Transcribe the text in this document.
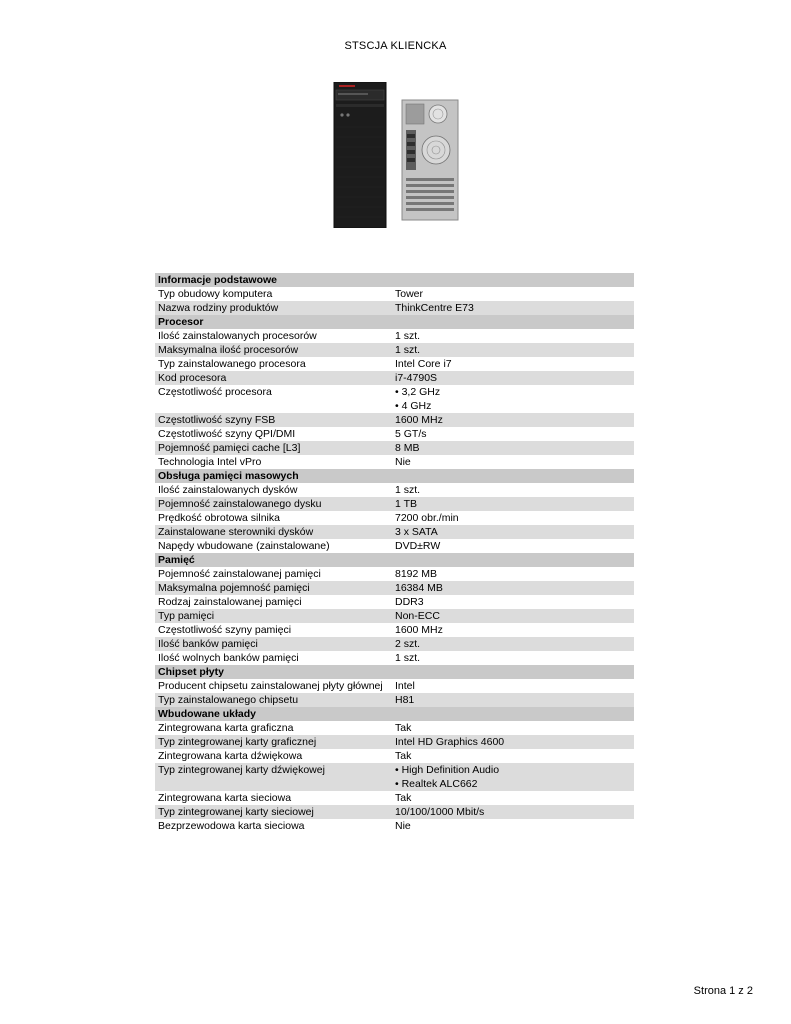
STSCJA KLIENCKA
Informacje podstawowe
Typ obudowy komputera	Tower
Nazwa rodziny produktów	ThinkCentre E73
Procesor
Ilość zainstalowanych procesorów	1 szt.
Maksymalna ilość procesorów	1 szt.
Typ zainstalowanego procesora	Intel Core i7
Kod procesora	i7-4790S
Częstotliwość procesora	• 3,2 GHz
• 4 GHz
Częstotliwość szyny FSB	1600 MHz
Częstotliwość szyny QPI/DMI	5 GT/s
Pojemność pamięci cache [L3]	8 MB
Technologia Intel vPro	Nie
Obsługa pamięci masowych
Ilość zainstalowanych dysków	1 szt.
Pojemność zainstalowanego dysku	1 TB
Prędkość obrotowa silnika	7200 obr./min
Zainstalowane sterowniki dysków	3 x SATA
Napędy wbudowane (zainstalowane)	DVD±RW
Pamięć
Pojemność zainstalowanej pamięci	8192 MB
Maksymalna pojemność pamięci	16384 MB
Rodzaj zainstalowanej pamięci	DDR3
Typ pamięci	Non-ECC
Częstotliwość szyny pamięci	1600 MHz
Ilość banków pamięci	2 szt.
Ilość wolnych banków pamięci	1 szt.
Chipset płyty
Producent chipsetu zainstalowanej płyty głównej	Intel
Typ zainstalowanego chipsetu	H81
Wbudowane układy
Zintegrowana karta graficzna	Tak
Typ zintegrowanej karty graficznej	Intel HD Graphics 4600
Zintegrowana karta dźwiękowa	Tak
Typ zintegrowanej karty dźwiękowej	• High Definition Audio
• Realtek ALC662
Zintegrowana karta sieciowa	Tak
Typ zintegrowanej karty sieciowej	10/100/1000 Mbit/s
Bezprzewodowa karta sieciowa	Nie
Strona 1 z 2
